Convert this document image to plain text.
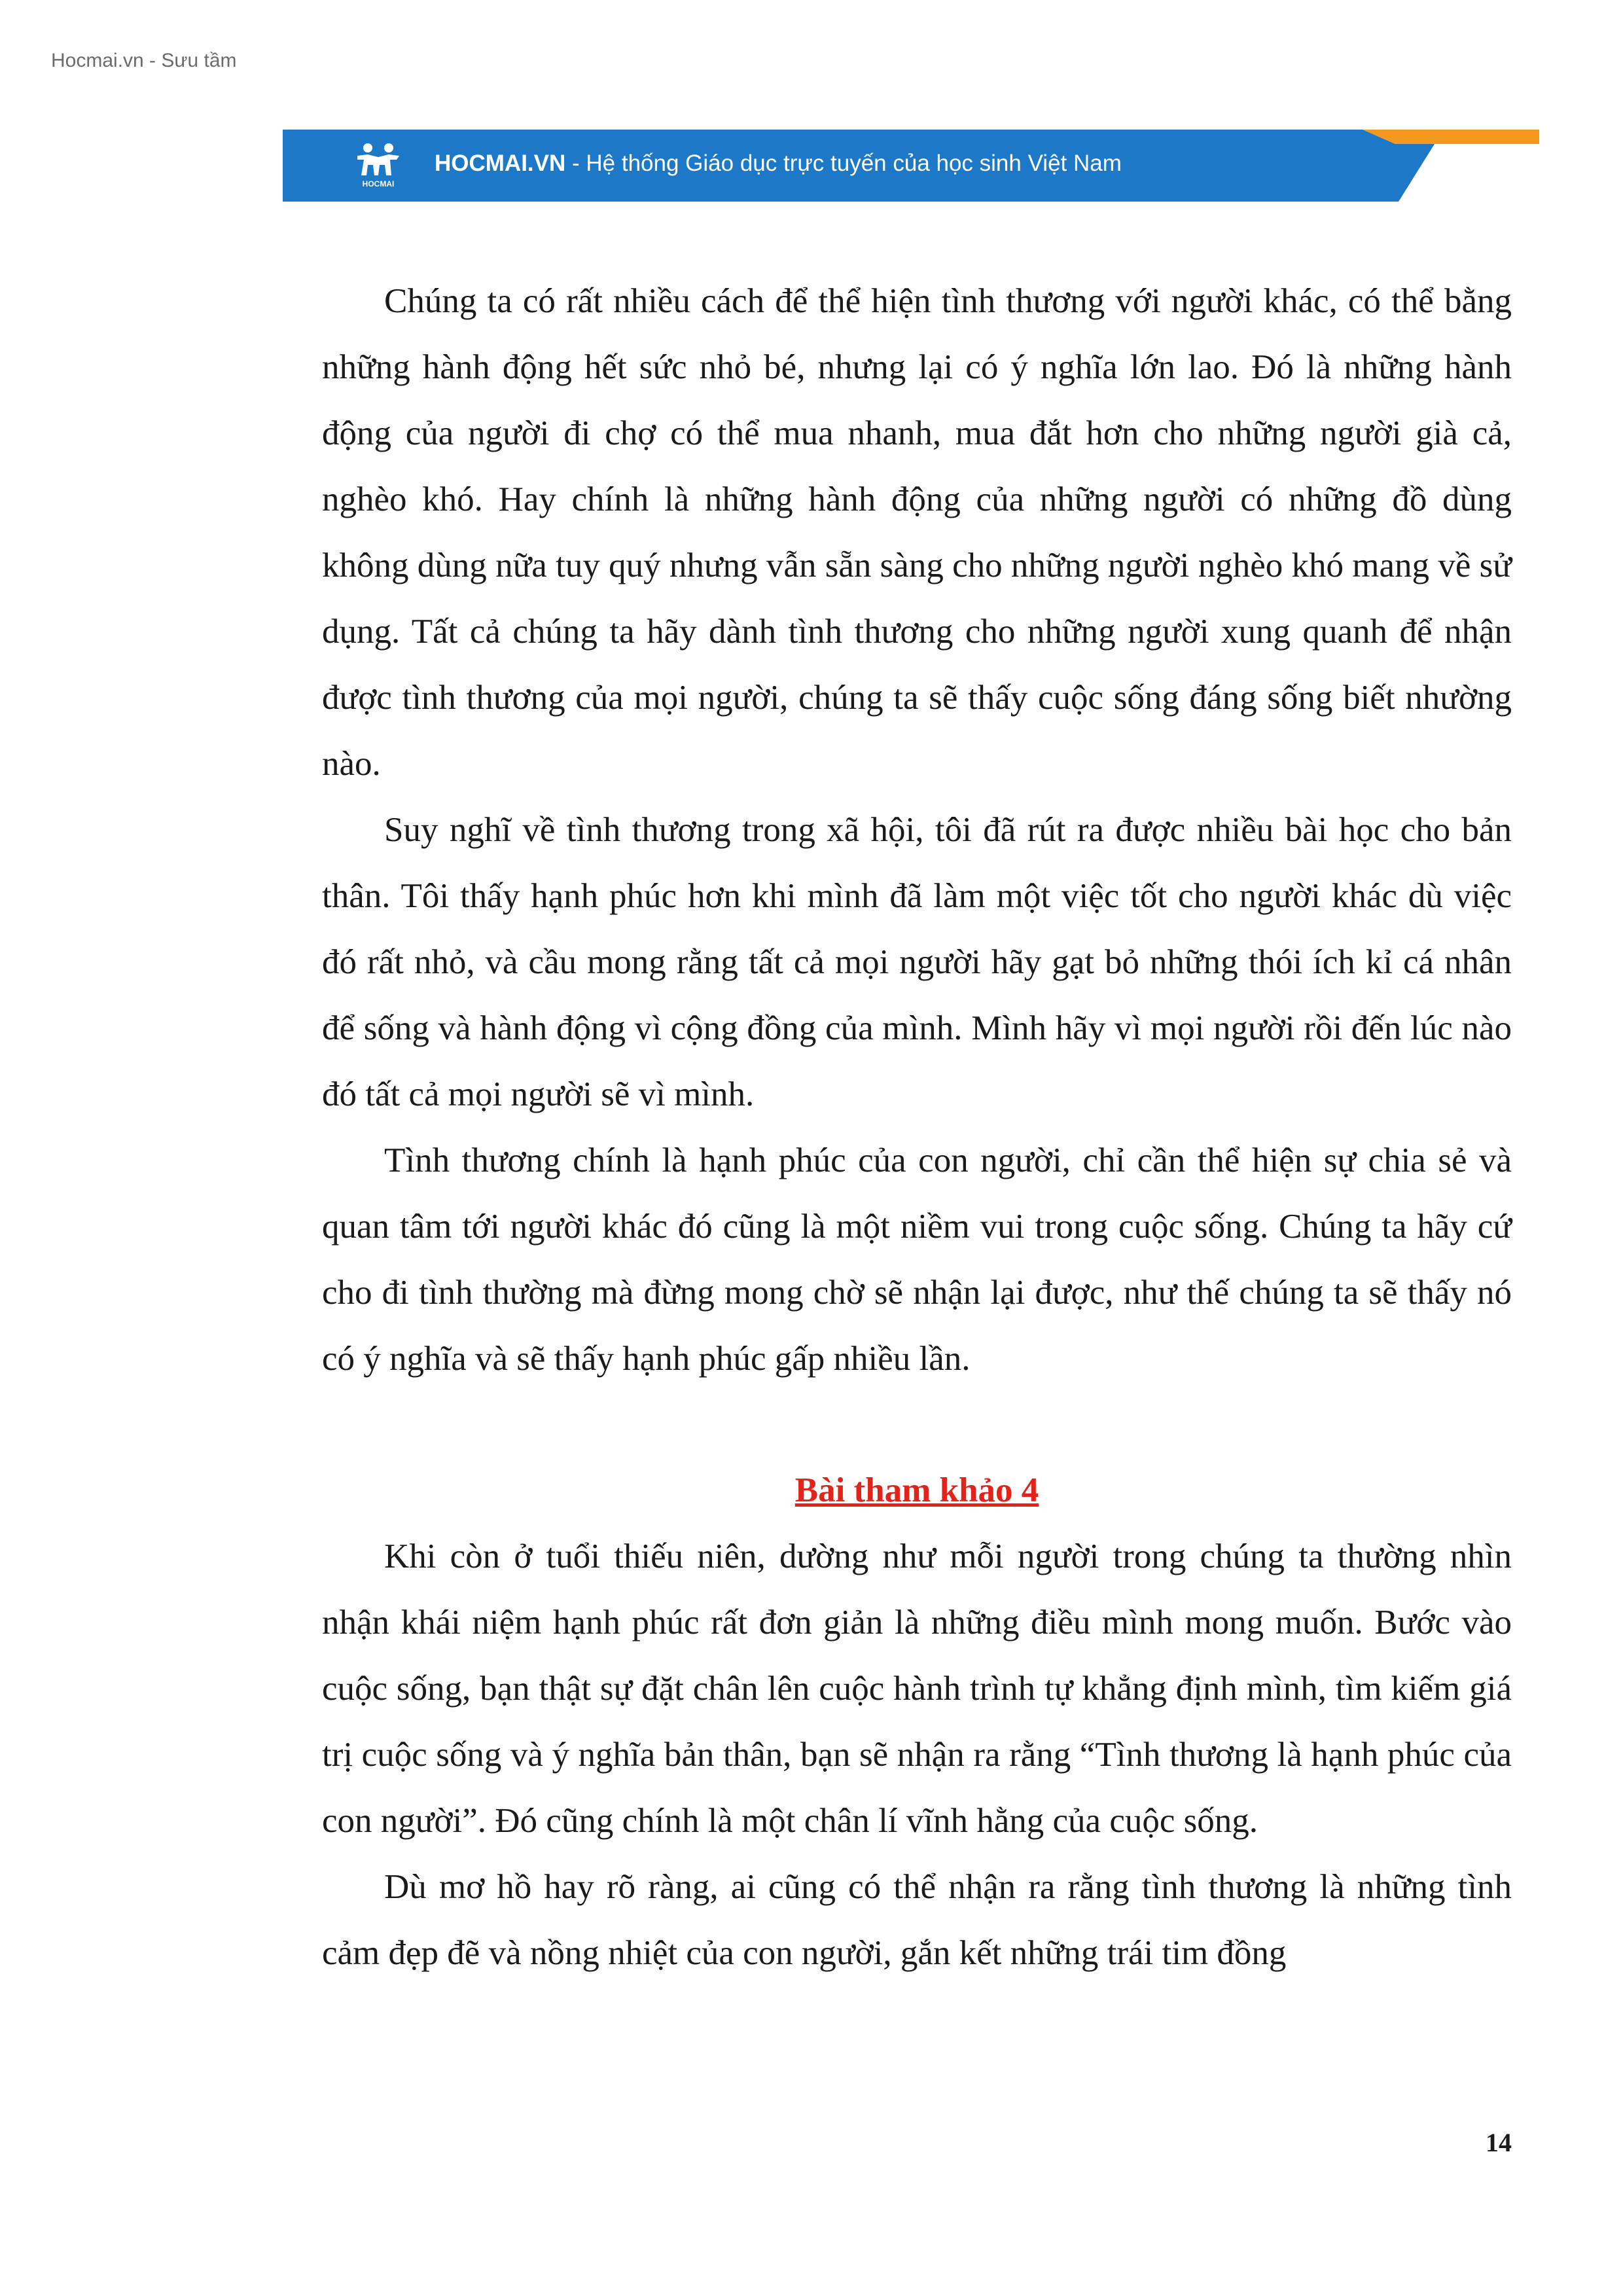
Hocmai.vn - Sưu tầm
HOCMAI
HOCMAI.VN - Hệ thống Giáo dục trực tuyến của học sinh Việt Nam

Chúng ta có rất nhiều cách để thể hiện tình thương với người khác, có thể bằng những hành động hết sức nhỏ bé, nhưng lại có ý nghĩa lớn lao. Đó là những hành động của người đi chợ có thể mua nhanh, mua đắt hơn cho những người già cả, nghèo khó. Hay chính là những hành động của những người có những đồ dùng không dùng nữa tuy quý nhưng vẫn sẵn sàng cho những người nghèo khó mang về sử dụng. Tất cả chúng ta hãy dành tình thương cho những người xung quanh để nhận được tình thương của mọi người, chúng ta sẽ thấy cuộc sống đáng sống biết nhường nào.

Suy nghĩ về tình thương trong xã hội, tôi đã rút ra được nhiều bài học cho bản thân. Tôi thấy hạnh phúc hơn khi mình đã làm một việc tốt cho người khác dù việc đó rất nhỏ, và cầu mong rằng tất cả mọi người hãy gạt bỏ những thói ích kỉ cá nhân để sống và hành động vì cộng đồng của mình. Mình hãy vì mọi người rồi đến lúc nào đó tất cả mọi người sẽ vì mình.

Tình thương chính là hạnh phúc của con người, chỉ cần thể hiện sự chia sẻ và quan tâm tới người khác đó cũng là một niềm vui trong cuộc sống. Chúng ta hãy cứ cho đi tình thường mà đừng mong chờ sẽ nhận lại được, như thế chúng ta sẽ thấy nó có ý nghĩa và sẽ thấy hạnh phúc gấp nhiều lần.

Bài tham khảo 4

Khi còn ở tuổi thiếu niên, dường như mỗi người trong chúng ta thường nhìn nhận khái niệm hạnh phúc rất đơn giản là những điều mình mong muốn. Bước vào cuộc sống, bạn thật sự đặt chân lên cuộc hành trình tự khẳng định mình, tìm kiếm giá trị cuộc sống và ý nghĩa bản thân, bạn sẽ nhận ra rằng “Tình thương là hạnh phúc của con người”. Đó cũng chính là một chân lí vĩnh hằng của cuộc sống.

Dù mơ hồ hay rõ ràng, ai cũng có thể nhận ra rằng tình thương là những tình cảm đẹp đẽ và nồng nhiệt của con người, gắn kết những trái tim đồng

14
